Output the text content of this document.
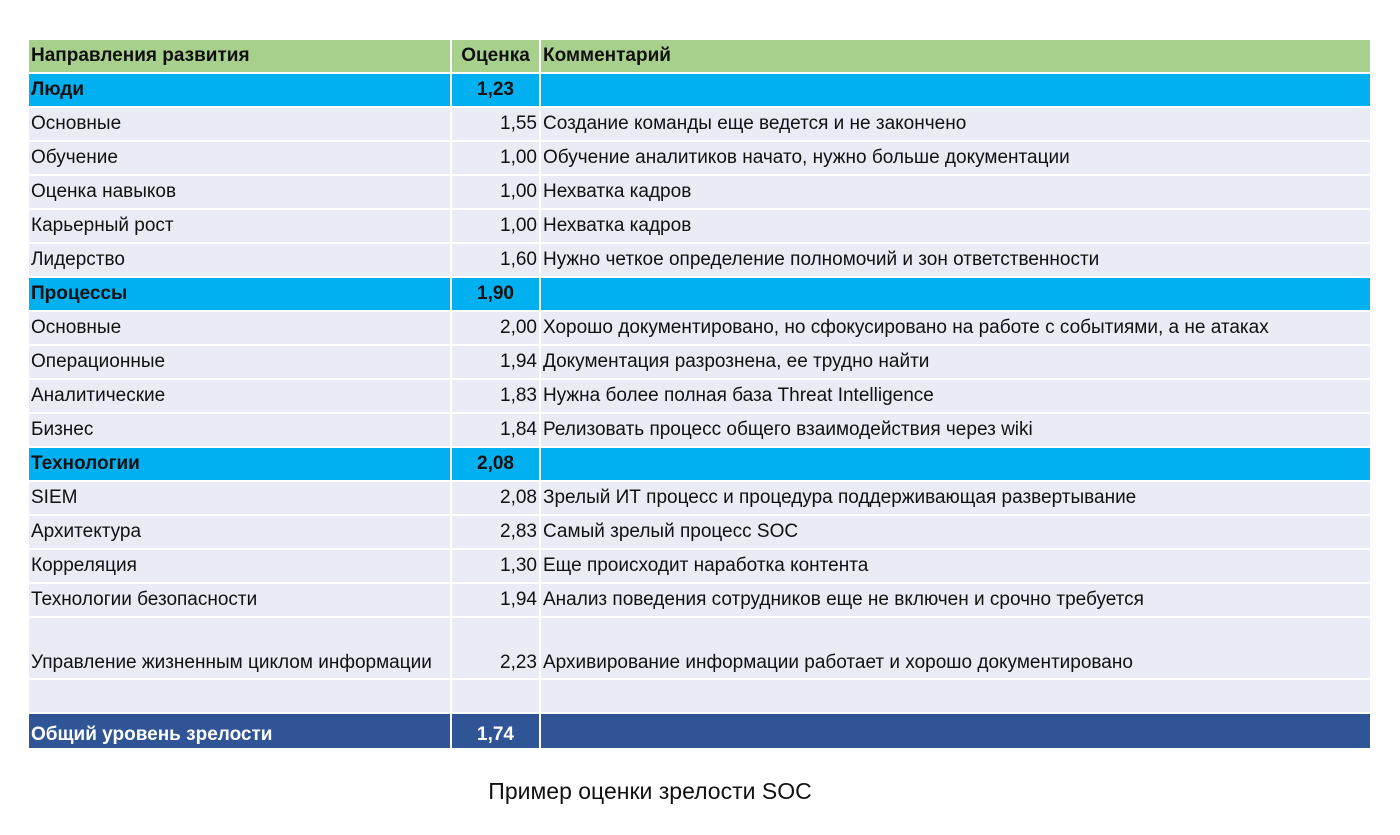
Направления развития	Оценка	Комментарий
Люди	1,23	
Основные	1,55	Создание команды еще ведется и не закончено
Обучение	1,00	Обучение аналитиков начато, нужно больше документации
Оценка навыков	1,00	Нехватка кадров
Карьерный рост	1,00	Нехватка кадров
Лидерство	1,60	Нужно четкое определение полномочий и зон ответственности
Процессы	1,90	
Основные	2,00	Хорошо документировано, но сфокусировано на работе с событиями, а не атаках
Операционные	1,94	Документация разрознена, ее трудно найти
Аналитические	1,83	Нужна более полная база Threat Intelligence
Бизнес	1,84	Релизовать процесс общего взаимодействия через wiki
Технологии	2,08	
SIEM	2,08	Зрелый ИТ процесс и процедура поддерживающая развертывание
Архитектура	2,83	Самый зрелый процесс SOC
Корреляция	1,30	Еще происходит наработка контента
Технологии безопасности	1,94	Анализ поведения сотрудников еще не включен и срочно требуется
Управление жизненным циклом информации	2,23	Архивирование информации работает и хорошо документировано

Общий уровень зрелости	1,74	
Пример оценки зрелости SOC
